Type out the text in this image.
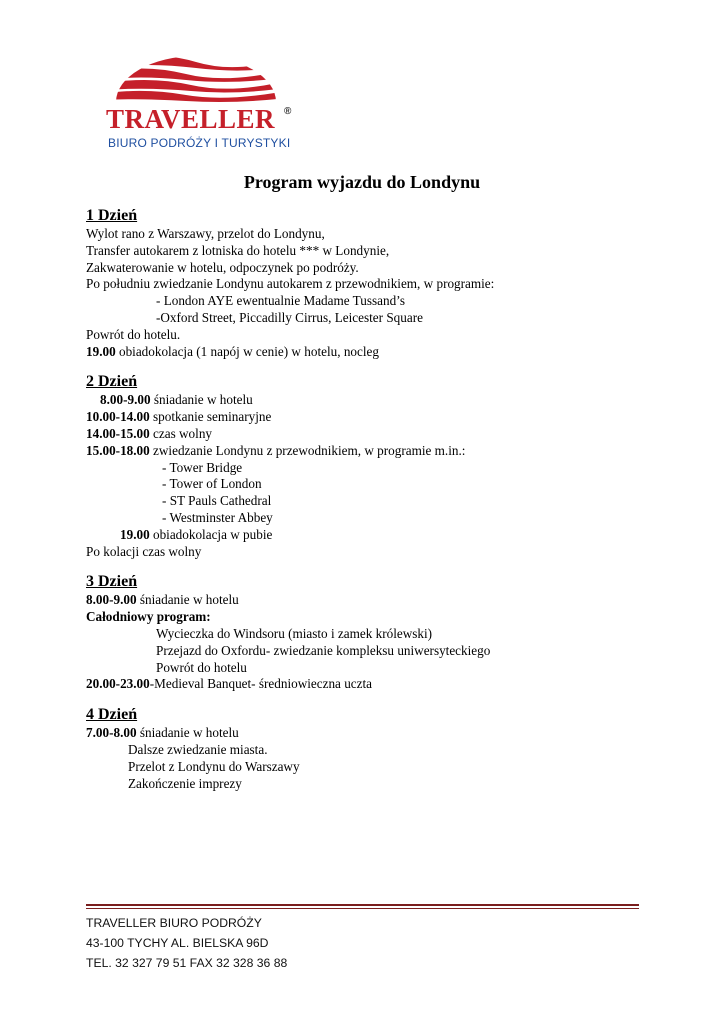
TRAVELLER ®
BIURO PODRÓŻY I TURYSTYKI
Program wyjazdu do Londynu
1 Dzień
Wylot rano z Warszawy, przelot do Londynu,
Transfer autokarem z lotniska do hotelu *** w Londynie,
Zakwaterowanie w hotelu, odpoczynek po podróży.
Po południu zwiedzanie Londynu autokarem z przewodnikiem, w programie:
- London AYE ewentualnie Madame Tussand’s
-Oxford Street, Piccadilly Cirrus, Leicester Square
Powrót do hotelu.
19.00 obiadokolacja (1 napój w cenie) w hotelu, nocleg
2 Dzień
8.00-9.00 śniadanie w hotelu
10.00-14.00 spotkanie seminaryjne
14.00-15.00 czas wolny
15.00-18.00 zwiedzanie Londynu z przewodnikiem, w programie m.in.:
- Tower Bridge
- Tower of London
- ST Pauls Cathedral
- Westminster Abbey
19.00 obiadokolacja w pubie
Po kolacji czas wolny
3 Dzień
8.00-9.00 śniadanie w hotelu
Całodniowy program:
Wycieczka do Windsoru (miasto i zamek królewski)
Przejazd do Oxfordu- zwiedzanie kompleksu uniwersyteckiego
Powrót do hotelu
20.00-23.00-Medieval Banquet- średniowieczna uczta
4 Dzień
7.00-8.00 śniadanie w hotelu
Dalsze zwiedzanie miasta.
Przelot z Londynu do Warszawy
Zakończenie imprezy
TRAVELLER BIURO PODRÓŻY
43-100 TYCHY AL. BIELSKA 96D
TEL. 32 327 79 51 FAX 32 328 36 88
